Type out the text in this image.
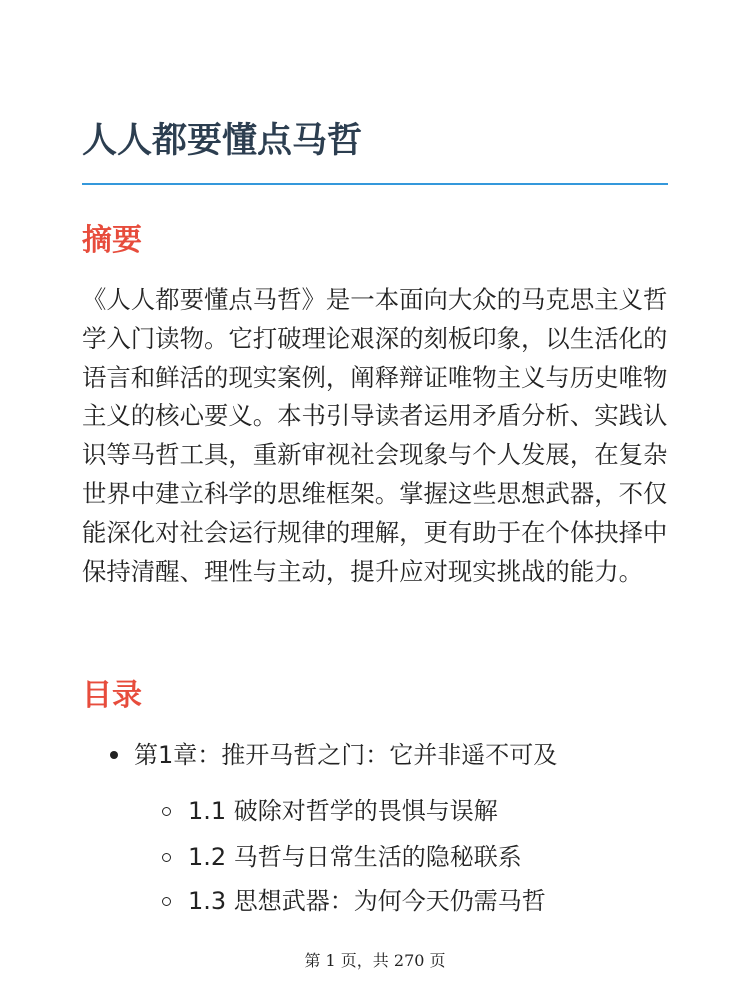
人人都要懂点马哲
摘要

《人人都要懂点马哲》是一本面向大众的马克思主义哲学入门读物。它打破理论艰深的刻板印象，以生活化的语言和鲜活的现实案例，阐释辩证唯物主义与历史唯物主义的核心要义。本书引导读者运用矛盾分析、实践认识等马哲工具，重新审视社会现象与个人发展，在复杂世界中建立科学的思维框架。掌握这些思想武器，不仅能深化对社会运行规律的理解，更有助于在个体抉择中保持清醒、理性与主动，提升应对现实挑战的能力。

目录
第1章：推开马哲之门：它并非遥不可及
1.1 破除对哲学的畏惧与误解
1.2 马哲与日常生活的隐秘联系
1.3 思想武器：为何今天仍需马哲
第 1 页，共 270 页
